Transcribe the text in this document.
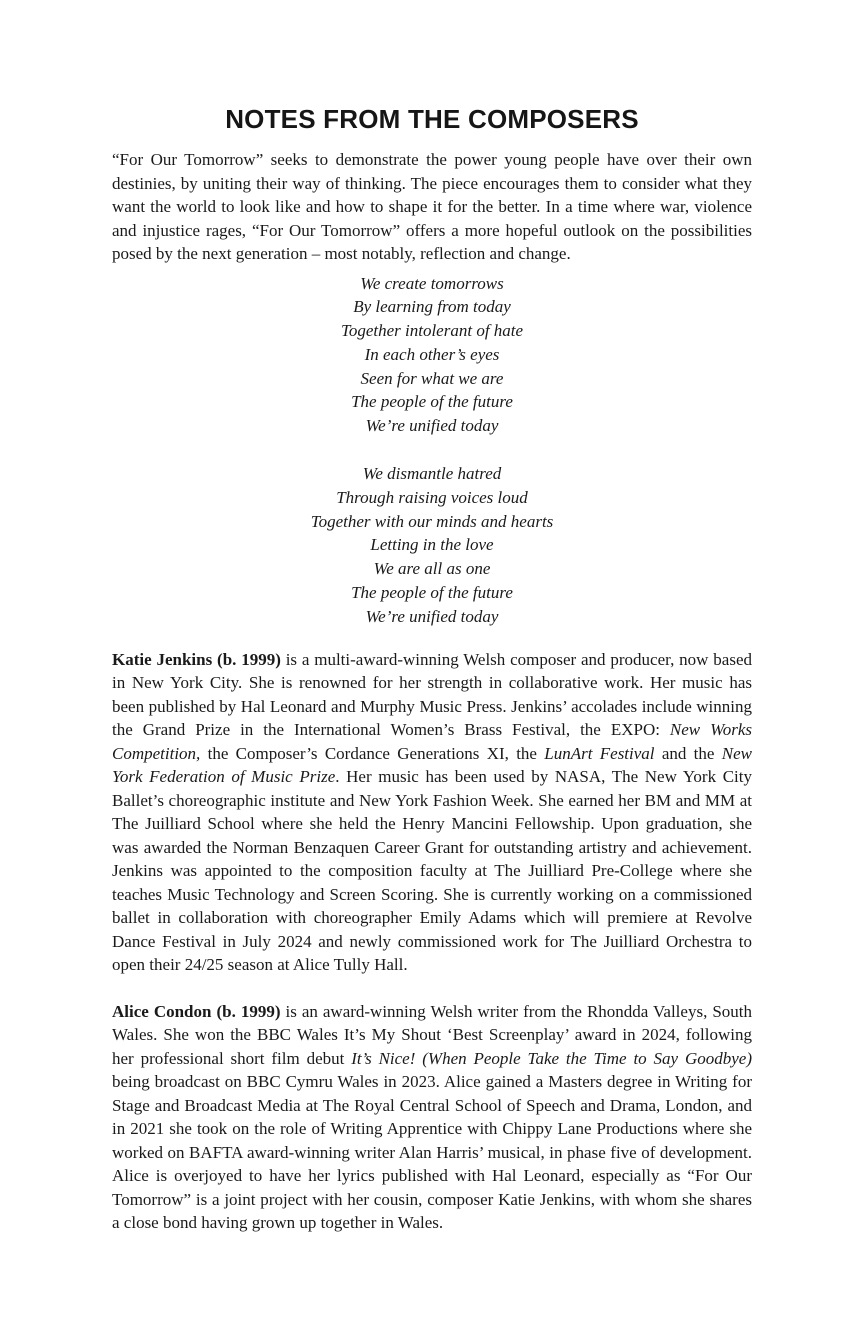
NOTES FROM THE COMPOSERS

“For Our Tomorrow” seeks to demonstrate the power young people have over their own destinies, by uniting their way of thinking. The piece encourages them to consider what they want the world to look like and how to shape it for the better. In a time where war, violence and injustice rages, “For Our Tomorrow” offers a more hopeful outlook on the possibilities posed by the next generation – most notably, reflection and change.

We create tomorrows
By learning from today
Together intolerant of hate
In each other’s eyes
Seen for what we are
The people of the future
We’re unified today
We dismantle hatred
Through raising voices loud
Together with our minds and hearts
Letting in the love
We are all as one
The people of the future
We’re unified today

Katie Jenkins (b. 1999) is a multi-award-winning Welsh composer and producer, now based in New York City. She is renowned for her strength in collaborative work. Her music has been published by Hal Leonard and Murphy Music Press. Jenkins’ accolades include winning the Grand Prize in the International Women’s Brass Festival, the EXPO: New Works Competition, the Composer’s Cordance Generations XI, the LunArt Festival and the New York Federation of Music Prize. Her music has been used by NASA, The New York City Ballet’s choreographic institute and New York Fashion Week. She earned her BM and MM at The Juilliard School where she held the Henry Mancini Fellowship. Upon graduation, she was awarded the Norman Benzaquen Career Grant for outstanding artistry and achievement. Jenkins was appointed to the composition faculty at The Juilliard Pre-College where she teaches Music Technology and Screen Scoring. She is currently working on a commissioned ballet in collaboration with choreographer Emily Adams which will premiere at Revolve Dance Festival in July 2024 and newly commissioned work for The Juilliard Orchestra to open their 24/25 season at Alice Tully Hall.

Alice Condon (b. 1999) is an award-winning Welsh writer from the Rhondda Valleys, South Wales. She won the BBC Wales It’s My Shout ‘Best Screenplay’ award in 2024, following her professional short film debut It’s Nice! (When People Take the Time to Say Goodbye) being broadcast on BBC Cymru Wales in 2023. Alice gained a Masters degree in Writing for Stage and Broadcast Media at The Royal Central School of Speech and Drama, London, and in 2021 she took on the role of Writing Apprentice with Chippy Lane Productions where she worked on BAFTA award-winning writer Alan Harris’ musical, in phase five of development. Alice is overjoyed to have her lyrics published with Hal Leonard, especially as “For Our Tomorrow” is a joint project with her cousin, composer Katie Jenkins, with whom she shares a close bond having grown up together in Wales.
